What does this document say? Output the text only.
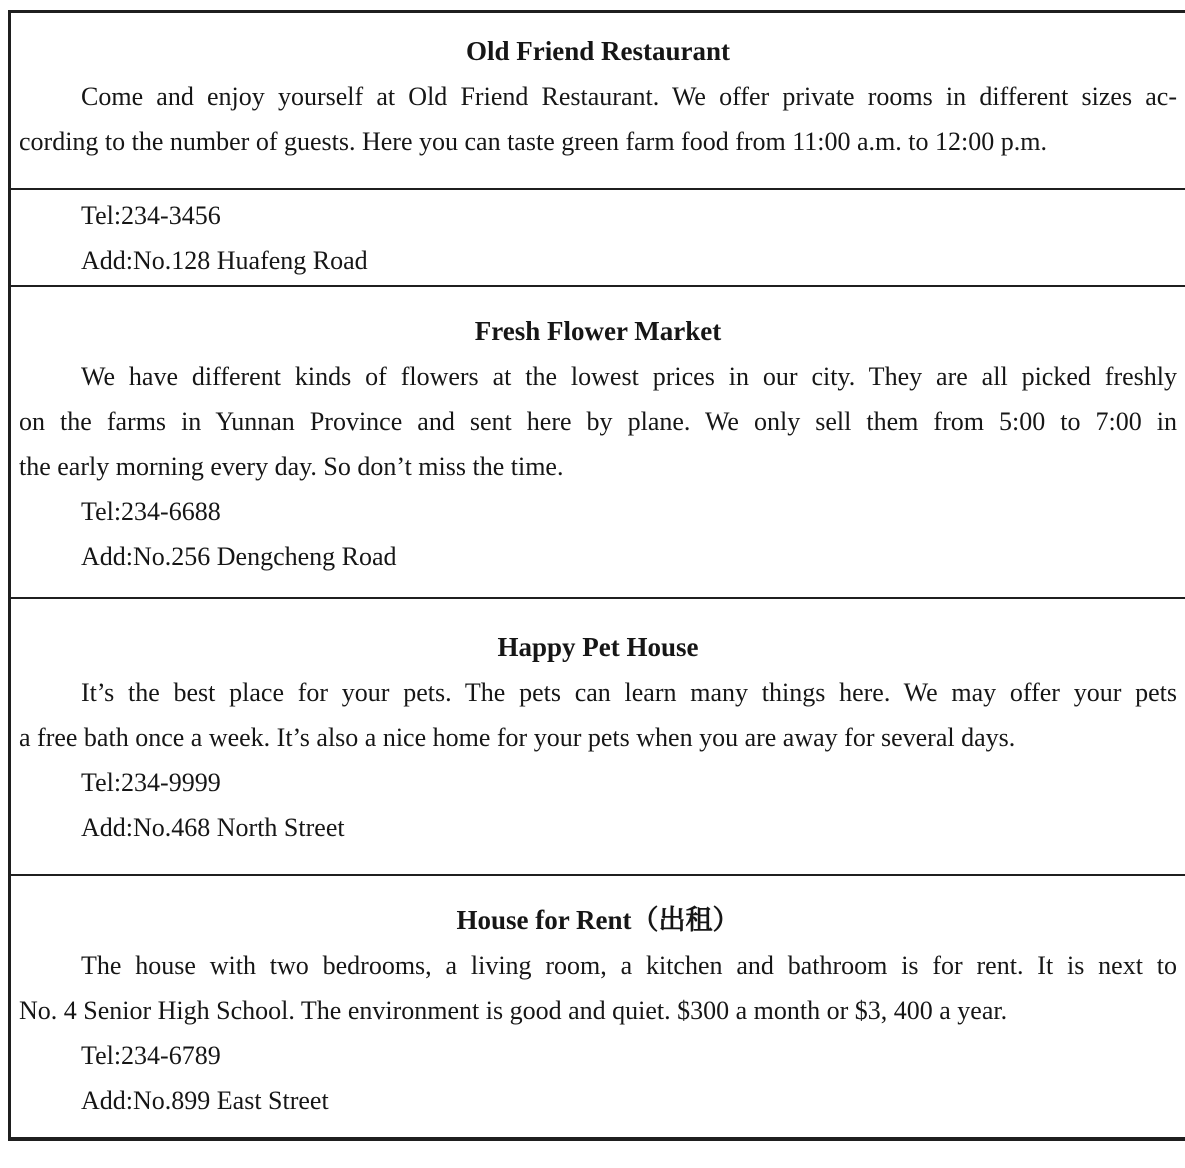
Old Friend Restaurant

Come and enjoy yourself at Old Friend Restaurant. We offer private rooms in different sizes ac-

cording to the number of guests. Here you can taste green farm food from 11:00 a.m. to 12:00 p.m.

Tel:234-3456

Add:No.128 Huafeng Road

Fresh Flower Market

We have different kinds of flowers at the lowest prices in our city. They are all picked freshly

on the farms in Yunnan Province and sent here by plane. We only sell them from 5:00 to 7:00 in

the early morning every day. So don’t miss the time.

Tel:234-6688

Add:No.256 Dengcheng Road

Happy Pet House

It’s the best place for your pets. The pets can learn many things here. We may offer your pets

a free bath once a week. It’s also a nice home for your pets when you are away for several days.

Tel:234-9999

Add:No.468 North Street

House for Rent（出租）

The house with two bedrooms, a living room, a kitchen and bathroom is for rent. It is next to

No. 4 Senior High School. The environment is good and quiet. $300 a month or $3, 400 a year.

Tel:234-6789

Add:No.899 East Street
